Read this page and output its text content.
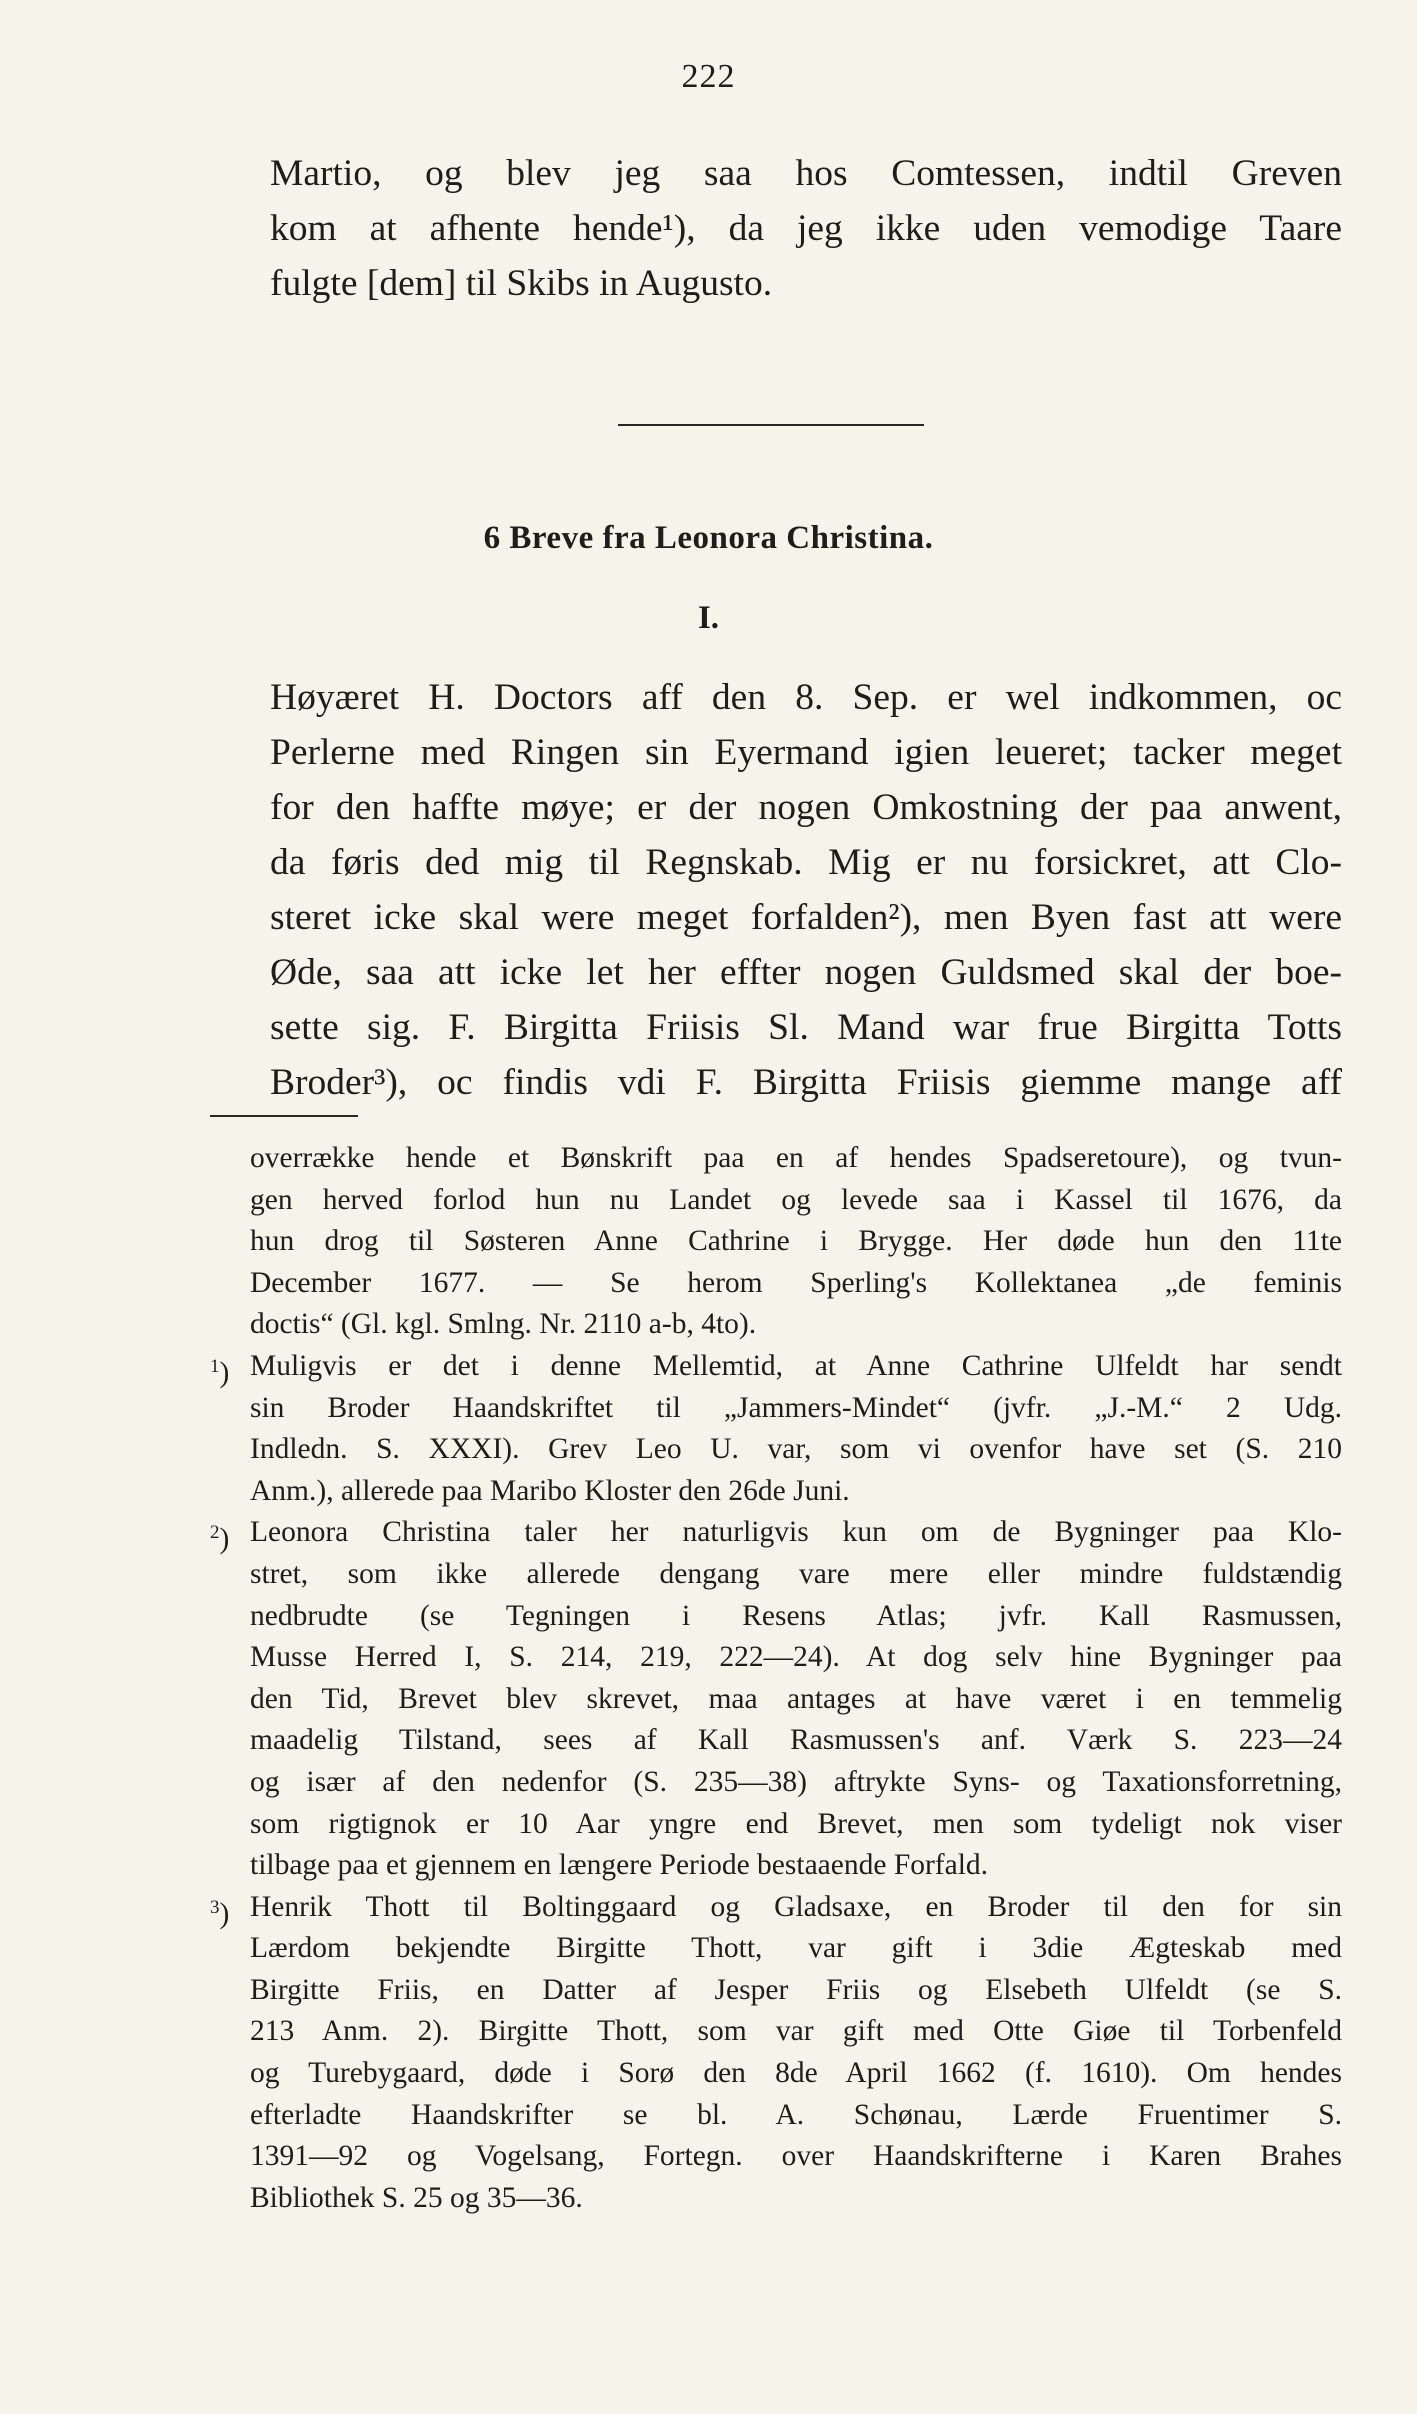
222
Martio, og blev jeg saa hos Comtessen, indtil Greven
kom at afhente hende¹), da jeg ikke uden vemodige Taare
fulgte [dem] til Skibs in Augusto.
6 Breve fra Leonora Christina.
I.
Høyæret H. Doctors aff den 8. Sep. er wel indkommen, oc
Perlerne med Ringen sin Eyermand igien leueret; tacker meget
for den haffte møye; er der nogen Omkostning der paa anwent,
da føris ded mig til Regnskab. Mig er nu forsickret, att Clo-
steret icke skal were meget forfalden²), men Byen fast att were
Øde, saa att icke let her effter nogen Guldsmed skal der boe-
sette sig. F. Birgitta Friisis Sl. Mand war frue Birgitta Totts
Broder³), oc findis vdi F. Birgitta Friisis giemme mange aff
overrække hende et Bønskrift paa en af hendes Spadseretoure), og tvun-
gen herved forlod hun nu Landet og levede saa i Kassel til 1676, da
hun drog til Søsteren Anne Cathrine i Brygge. Her døde hun den 11te
December 1677. — Se herom Sperling's Kollektanea „de feminis
doctis“ (Gl. kgl. Smlng. Nr. 2110 a-b, 4to).
$^1$) Muligvis er det i denne Mellemtid, at Anne Cathrine Ulfeldt har sendt
sin Broder Haandskriftet til „Jammers-Mindet“ (jvfr. „J.-M.“ 2 Udg.
Indledn. S. XXXI). Grev Leo U. var, som vi ovenfor have set (S. 210
Anm.), allerede paa Maribo Kloster den 26de Juni.
$^2$) Leonora Christina taler her naturligvis kun om de Bygninger paa Klo-
stret, som ikke allerede dengang vare mere eller mindre fuldstændig
nedbrudte (se Tegningen i Resens Atlas; jvfr. Kall Rasmussen,
Musse Herred I, S. 214, 219, 222—24). At dog selv hine Bygninger paa
den Tid, Brevet blev skrevet, maa antages at have været i en temmelig
maadelig Tilstand, sees af Kall Rasmussen's anf. Værk S. 223—24
og især af den nedenfor (S. 235—38) aftrykte Syns- og Taxationsforretning,
som rigtignok er 10 Aar yngre end Brevet, men som tydeligt nok viser
tilbage paa et gjennem en længere Periode bestaaende Forfald.
$^3$) Henrik Thott til Boltinggaard og Gladsaxe, en Broder til den for sin
Lærdom bekjendte Birgitte Thott, var gift i 3die Ægteskab med
Birgitte Friis, en Datter af Jesper Friis og Elsebeth Ulfeldt (se S.
213 Anm. 2). Birgitte Thott, som var gift med Otte Giøe til Torbenfeld
og Turebygaard, døde i Sorø den 8de April 1662 (f. 1610). Om hendes
efterladte Haandskrifter se bl. A. Schønau, Lærde Fruentimer S.
1391—92 og Vogelsang, Fortegn. over Haandskrifterne i Karen Brahes
Bibliothek S. 25 og 35—36.
